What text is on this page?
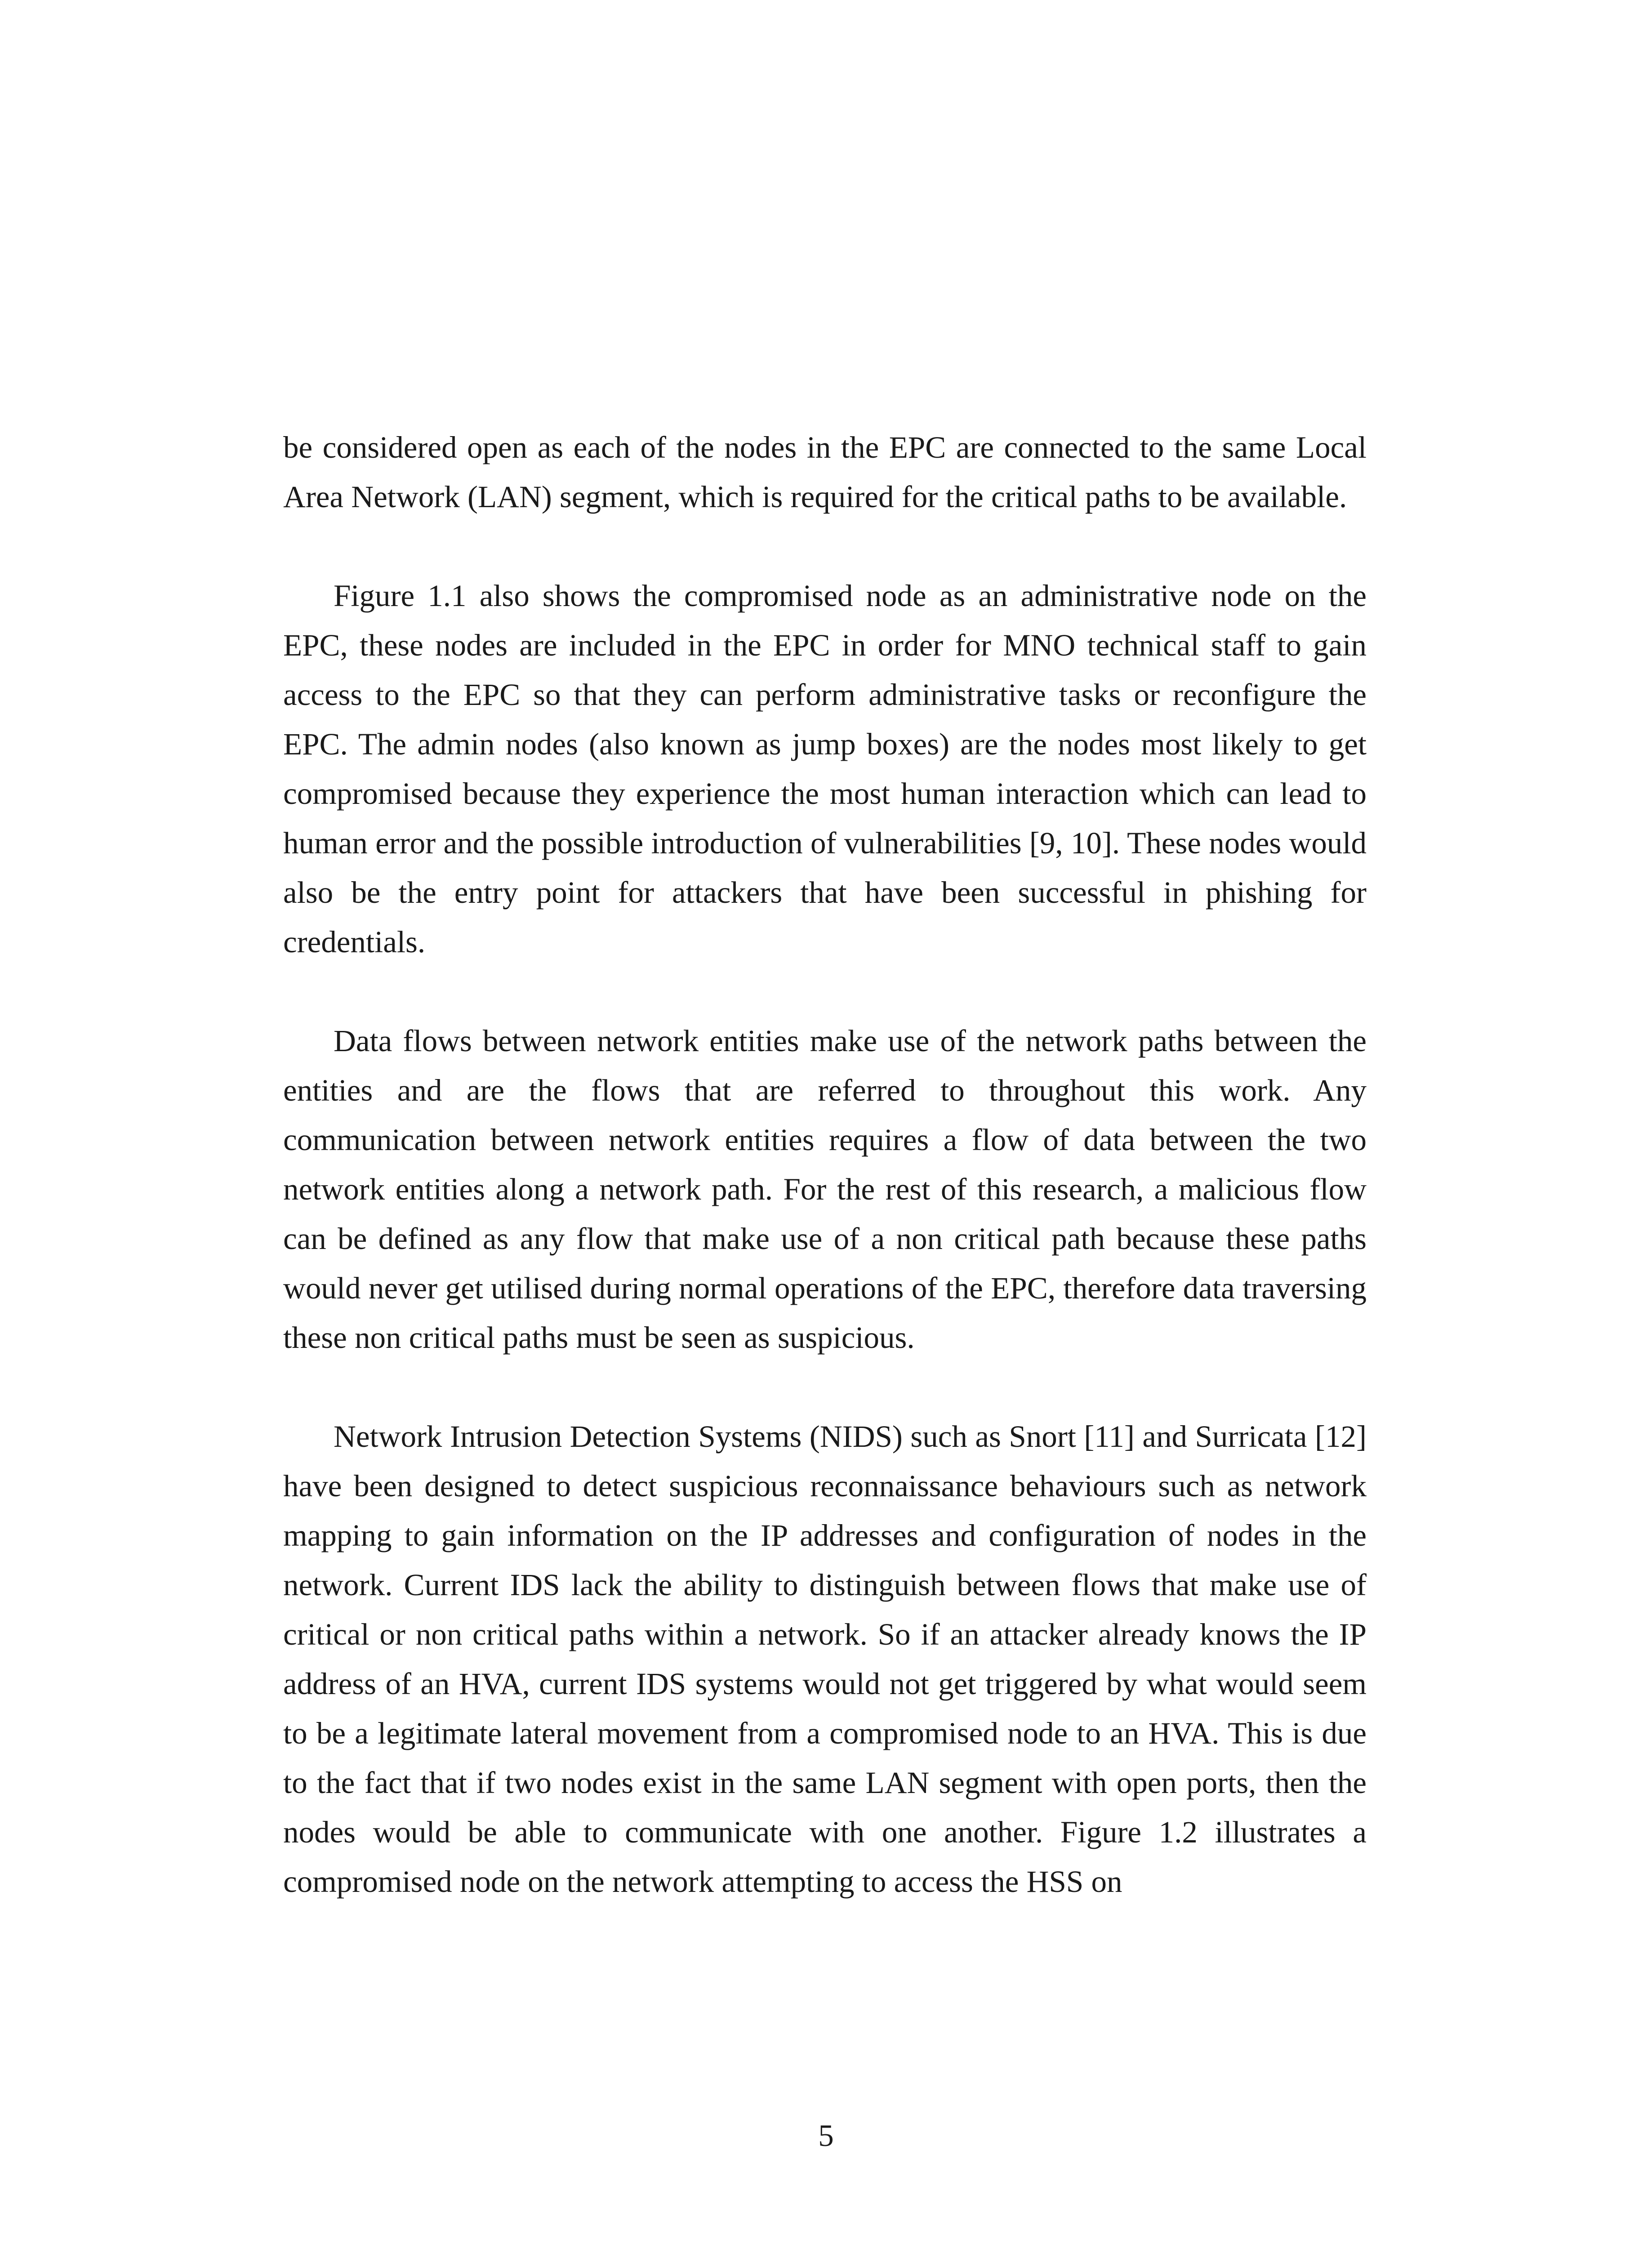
be considered open as each of the nodes in the EPC are connected to the same Local Area Network (LAN) segment, which is required for the critical paths to be available.

Figure 1.1 also shows the compromised node as an administrative node on the EPC, these nodes are included in the EPC in order for MNO technical staff to gain access to the EPC so that they can perform administrative tasks or reconfigure the EPC. The admin nodes (also known as jump boxes) are the nodes most likely to get compromised because they experience the most human interaction which can lead to human error and the possible introduction of vulnerabilities [9, 10]. These nodes would also be the entry point for attackers that have been successful in phishing for credentials.

Data flows between network entities make use of the network paths between the entities and are the flows that are referred to throughout this work. Any communication between network entities requires a flow of data between the two network entities along a network path. For the rest of this research, a malicious flow can be defined as any flow that make use of a non critical path because these paths would never get utilised during normal operations of the EPC, therefore data traversing these non critical paths must be seen as suspicious.

Network Intrusion Detection Systems (NIDS) such as Snort [11] and Surricata [12] have been designed to detect suspicious reconnaissance behaviours such as network mapping to gain information on the IP addresses and configuration of nodes in the network. Current IDS lack the ability to distinguish between flows that make use of critical or non critical paths within a network. So if an attacker already knows the IP address of an HVA, current IDS systems would not get triggered by what would seem to be a legitimate lateral movement from a compromised node to an HVA. This is due to the fact that if two nodes exist in the same LAN segment with open ports, then the nodes would be able to communicate with one another. Figure 1.2 illustrates a compromised node on the network attempting to access the HSS on

5
